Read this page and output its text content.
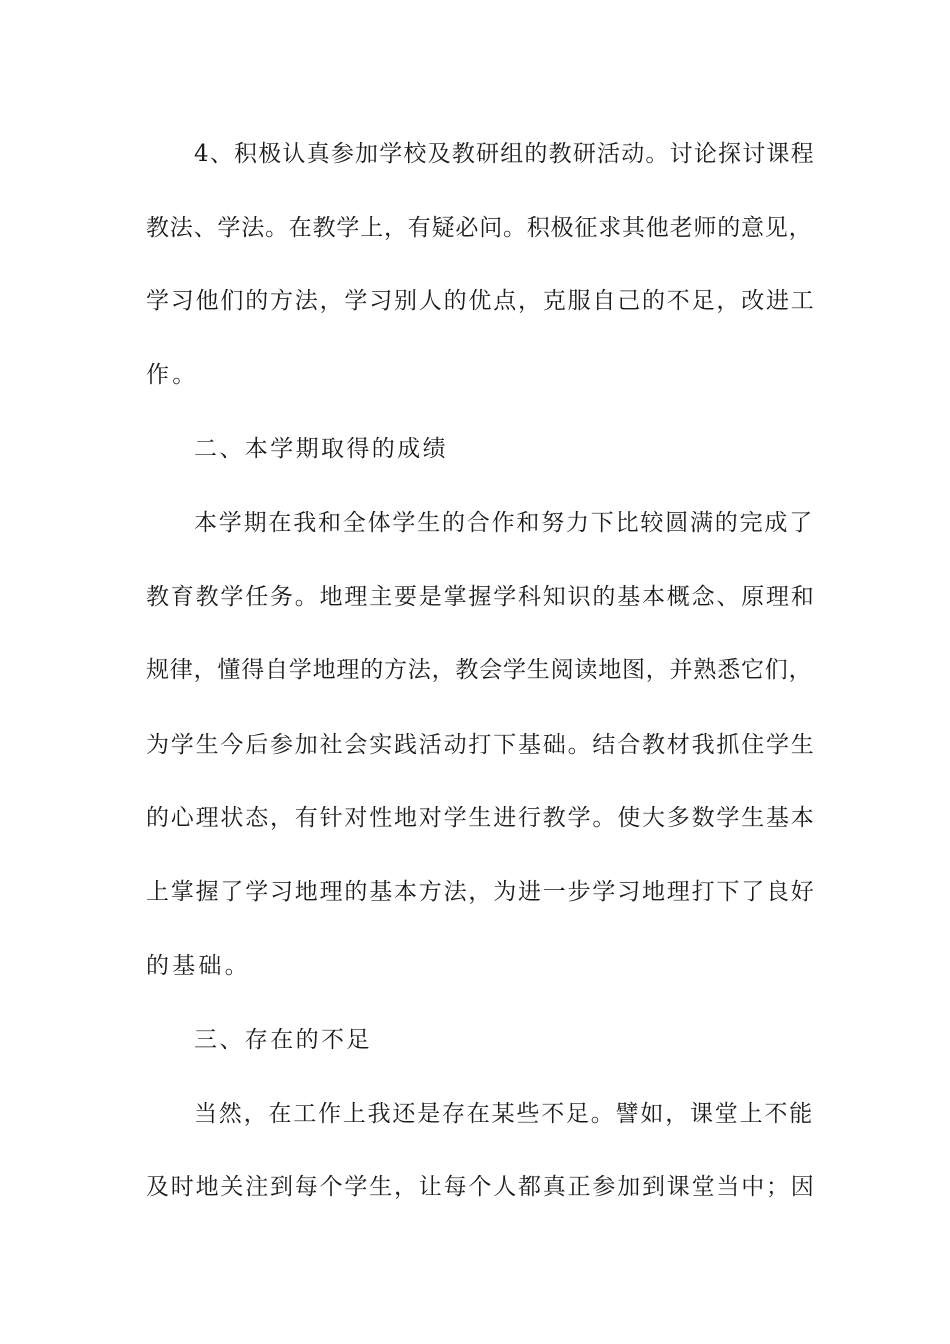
4、积极认真参加学校及教研组的教研活动。讨论探讨课程
教法、学法。在教学上，有疑必问。积极征求其他老师的意见，
学习他们的方法，学习别人的优点，克服自己的不足，改进工
作。
二、本学期取得的成绩
本学期在我和全体学生的合作和努力下比较圆满的完成了
教育教学任务。地理主要是掌握学科知识的基本概念、原理和
规律，懂得自学地理的方法，教会学生阅读地图，并熟悉它们，
为学生今后参加社会实践活动打下基础。结合教材我抓住学生
的心理状态，有针对性地对学生进行教学。使大多数学生基本
上掌握了学习地理的基本方法，为进一步学习地理打下了良好
的基础。
三、存在的不足
当然，在工作上我还是存在某些不足。譬如，课堂上不能
及时地关注到每个学生，让每个人都真正参加到课堂当中；因
